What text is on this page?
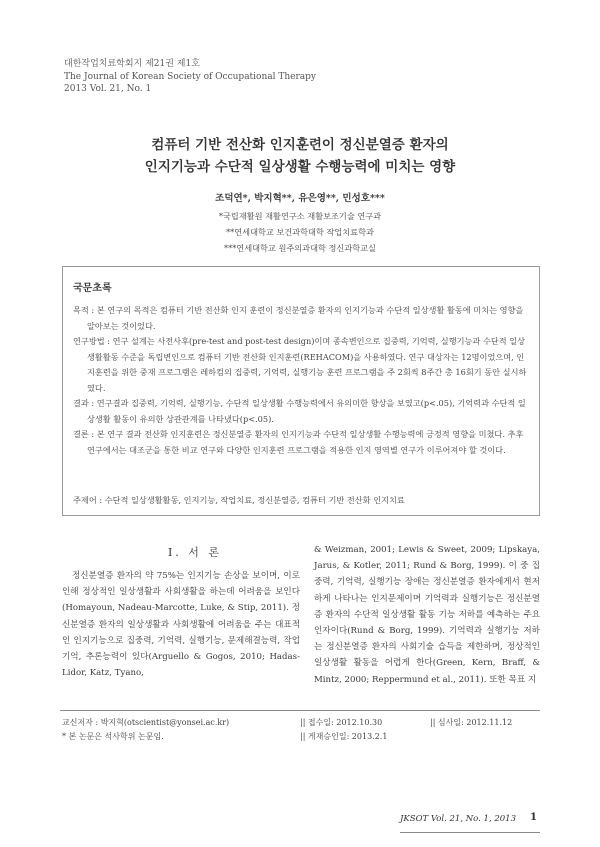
대한작업치료학회지 제21권 제1호
The Journal of Korean Society of Occupational Therapy
2013 Vol. 21, No. 1
컴퓨터 기반 전산화 인지훈련이 정신분열증 환자의
인지기능과 수단적 일상생활 수행능력에 미치는 영향
조덕연*, 박지혁**, 유은영**, 민성호***
*국립재활원 재활연구소 재활보조기술 연구과
**연세대학교 보건과학대학 작업치료학과
***연세대학교 원주의과대학 정신과학교실
국문초록

목적 : 본 연구의 목적은 컴퓨터 기반 전산화 인지 훈련이 정신분열증 환자의 인지기능과 수단적 일상생활 활동에 미치는 영향을 알아보는 것이었다.

연구방법 : 연구 설계는 사전사후(pre-test and post-test design)이며 종속변인으로 집중력, 기억력, 실행기능과 수단적 일상생활활동 수준을 독립변인으로 컴퓨터 기반 전산화 인지훈련(REHACOM)을 사용하였다. 연구 대상자는 12명이었으며, 인지훈련을 위한 중재 프로그램은 레하컴의 집중력, 기억력, 실행기능 훈련 프로그램을 주 2회씩 8주간 총 16회기 동안 실시하였다.

결과 : 연구결과 집중력, 기억력, 실행기능, 수단적 일상생활 수행능력에서 유의미한 향상을 보였고(p<.05), 기억력과 수단적 일상생활 활동이 유의한 상관관계를 나타냈다(p<.05).

결론 : 본 연구 결과 전산화 인지훈련은 정신분열증 환자의 인지기능과 수단적 일상생활 수행능력에 긍정적 영향을 미쳤다. 추후 연구에서는 대조군을 통한 비교 연구와 다양한 인지훈련 프로그램을 적용한 인지 영역별 연구가 이루어져야 할 것이다.

주제어 : 수단적 일상생활활동, 인지기능, 작업치료, 정신분열증, 컴퓨터 기반 전산화 인지치료
Ⅰ. 서 론

정신분열증 환자의 약 75%는 인지기능 손상을 보이며, 이로 인해 정상적인 일상생활과 사회생활을 하는데 어려움을 보인다(Homayoun, Nadeau-Marcotte, Luke, & Stip, 2011). 정신분열증 환자의 일상생활과 사회생활에 어려움을 주는 대표적인 인지기능으로 집중력, 기억력, 실행기능, 문제해결능력, 작업기억, 추론능력이 있다(Arguello & Gogos, 2010; Hadas-Lidor, Katz, Tyano,

& Weizman, 2001; Lewis & Sweet, 2009; Lipskaya, Jarus, & Kotler, 2011; Rund & Borg, 1999). 이 중 집중력, 기억력, 실행기능 장애는 정신분열증 환자에게서 현저하게 나타나는 인지문제이며 기억력과 실행기능은 정신분열증 환자의 수단적 일상생활 활동 기능 저하를 예측하는 주요 인자이다(Rund & Borg, 1999). 기억력과 실행기능 저하는 정신분열증 환자의 사회기술 습득을 제한하며, 정상적인 일상생활 활동을 어렵게 한다(Green, Kern, Braff, & Mintz, 2000; Reppermund et al., 2011). 또한 목표 지

교신저자 : 박지혁(otscientist@yonsei.ac.kr)
* 본 논문은 석사학위 논문임.
|| 접수일: 2012.10.30	|| 심사일: 2012.11.12
|| 게재승인일: 2013.2.1
JKSOT Vol. 21, No. 1, 2013 1
